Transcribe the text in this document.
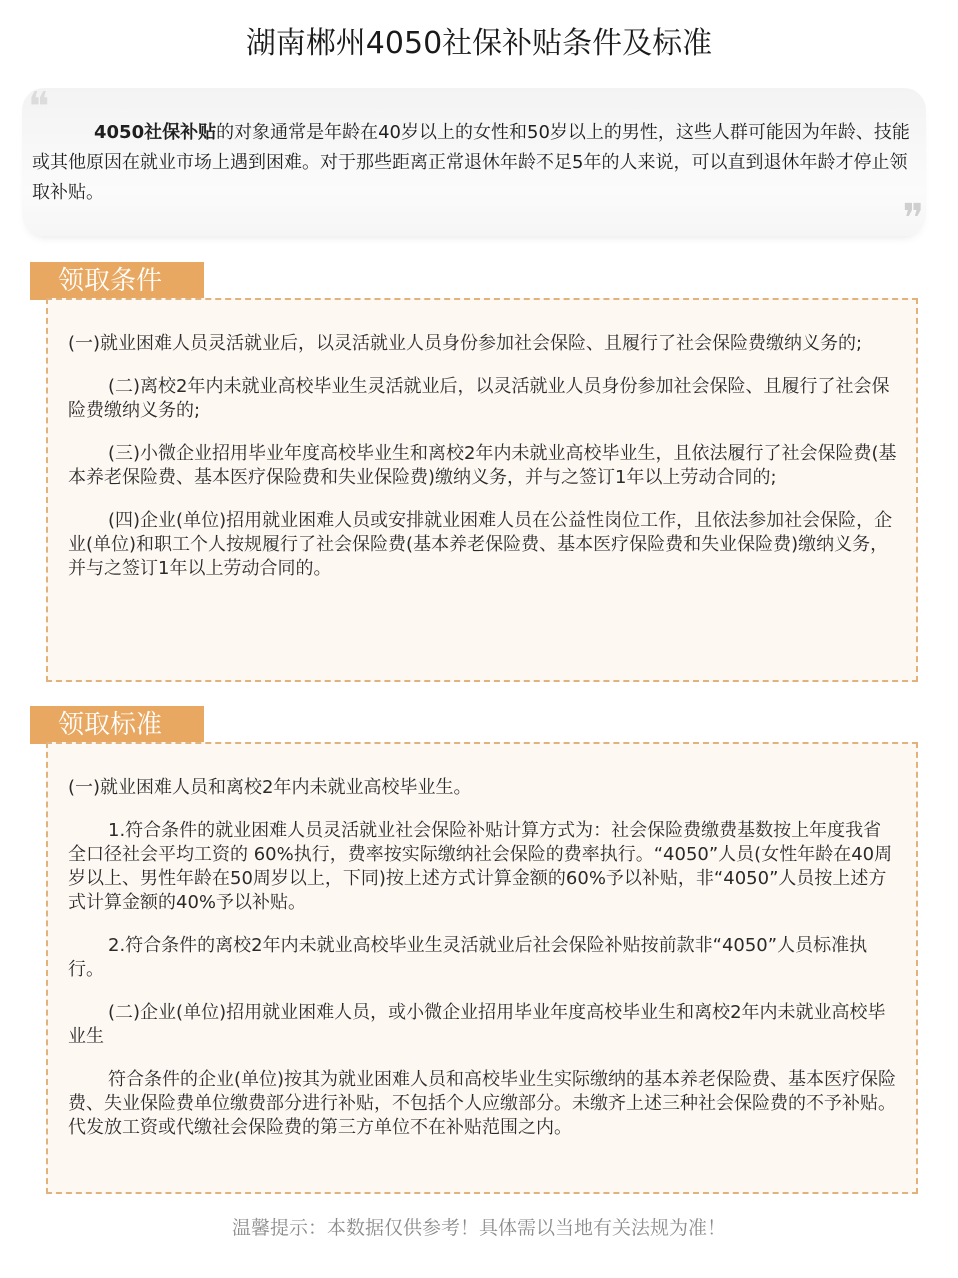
湖南郴州4050社保补贴条件及标准
❝
4050社保补贴的对象通常是年龄在40岁以上的女性和50岁以上的男性，这些人群可能因为年龄、技能或其他原因在就业市场上遇到困难。对于那些距离正常退休年龄不足5年的人来说，可以直到退休年龄才停止领取补贴。
❞
领取条件

(一)就业困难人员灵活就业后，以灵活就业人员身份参加社会保险、且履行了社会保险费缴纳义务的;

(二)离校2年内未就业高校毕业生灵活就业后，以灵活就业人员身份参加社会保险、且履行了社会保险费缴纳义务的;

(三)小微企业招用毕业年度高校毕业生和离校2年内未就业高校毕业生，且依法履行了社会保险费(基本养老保险费、基本医疗保险费和失业保险费)缴纳义务，并与之签订1年以上劳动合同的;

(四)企业(单位)招用就业困难人员或安排就业困难人员在公益性岗位工作，且依法参加社会保险，企业(单位)和职工个人按规履行了社会保险费(基本养老保险费、基本医疗保险费和失业保险费)缴纳义务，并与之签订1年以上劳动合同的。

领取标准

(一)就业困难人员和离校2年内未就业高校毕业生。

1.符合条件的就业困难人员灵活就业社会保险补贴计算方式为：社会保险费缴费基数按上年度我省全口径社会平均工资的 60%执行，费率按实际缴纳社会保险的费率执行。“4050”人员(女性年龄在40周岁以上、男性年龄在50周岁以上，下同)按上述方式计算金额的60%予以补贴，非“4050”人员按上述方式计算金额的40%予以补贴。

2.符合条件的离校2年内未就业高校毕业生灵活就业后社会保险补贴按前款非“4050”人员标准执行。

(二)企业(单位)招用就业困难人员，或小微企业招用毕业年度高校毕业生和离校2年内未就业高校毕业生

符合条件的企业(单位)按其为就业困难人员和高校毕业生实际缴纳的基本养老保险费、基本医疗保险费、失业保险费单位缴费部分进行补贴，不包括个人应缴部分。未缴齐上述三种社会保险费的不予补贴。代发放工资或代缴社会保险费的第三方单位不在补贴范围之内。

温馨提示：本数据仅供参考！具体需以当地有关法规为准！
